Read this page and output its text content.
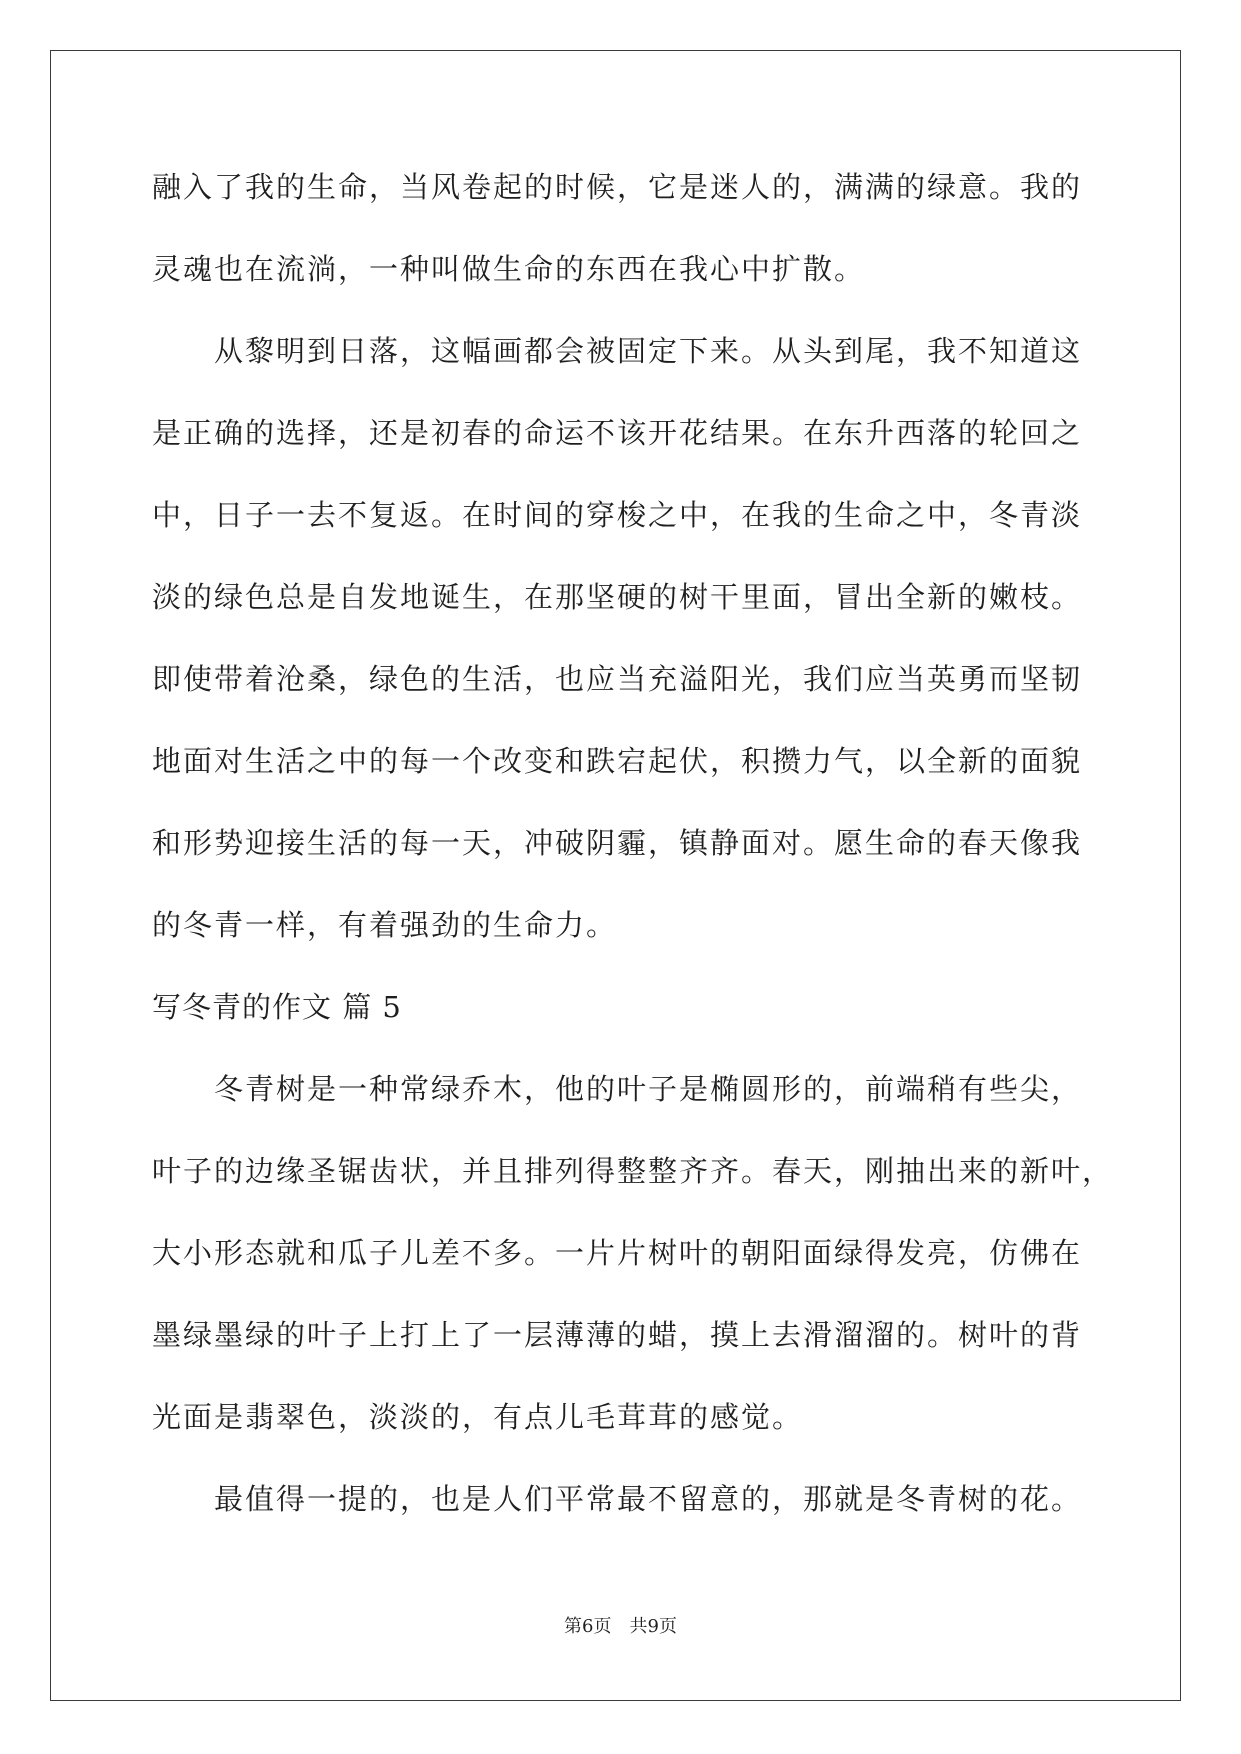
融入了我的生命，当风卷起的时候，它是迷人的，满满的绿意。我的
灵魂也在流淌，一种叫做生命的东西在我心中扩散。
从黎明到日落，这幅画都会被固定下来。从头到尾，我不知道这
是正确的选择，还是初春的命运不该开花结果。在东升西落的轮回之
中，日子一去不复返。在时间的穿梭之中，在我的生命之中，冬青淡
淡的绿色总是自发地诞生，在那坚硬的树干里面，冒出全新的嫩枝。
即使带着沧桑，绿色的生活，也应当充溢阳光，我们应当英勇而坚韧
地面对生活之中的每一个改变和跌宕起伏，积攒力气，以全新的面貌
和形势迎接生活的每一天，冲破阴霾，镇静面对。愿生命的春天像我
的冬青一样，有着强劲的生命力。
写冬青的作文 篇 5
冬青树是一种常绿乔木，他的叶子是椭圆形的，前端稍有些尖，
叶子的边缘圣锯齿状，并且排列得整整齐齐。春天，刚抽出来的新叶，
大小形态就和瓜子儿差不多。一片片树叶的朝阳面绿得发亮，仿佛在
墨绿墨绿的叶子上打上了一层薄薄的蜡，摸上去滑溜溜的。树叶的背
光面是翡翠色，淡淡的，有点儿毛茸茸的感觉。
最值得一提的，也是人们平常最不留意的，那就是冬青树的花。
第6页 共9页
